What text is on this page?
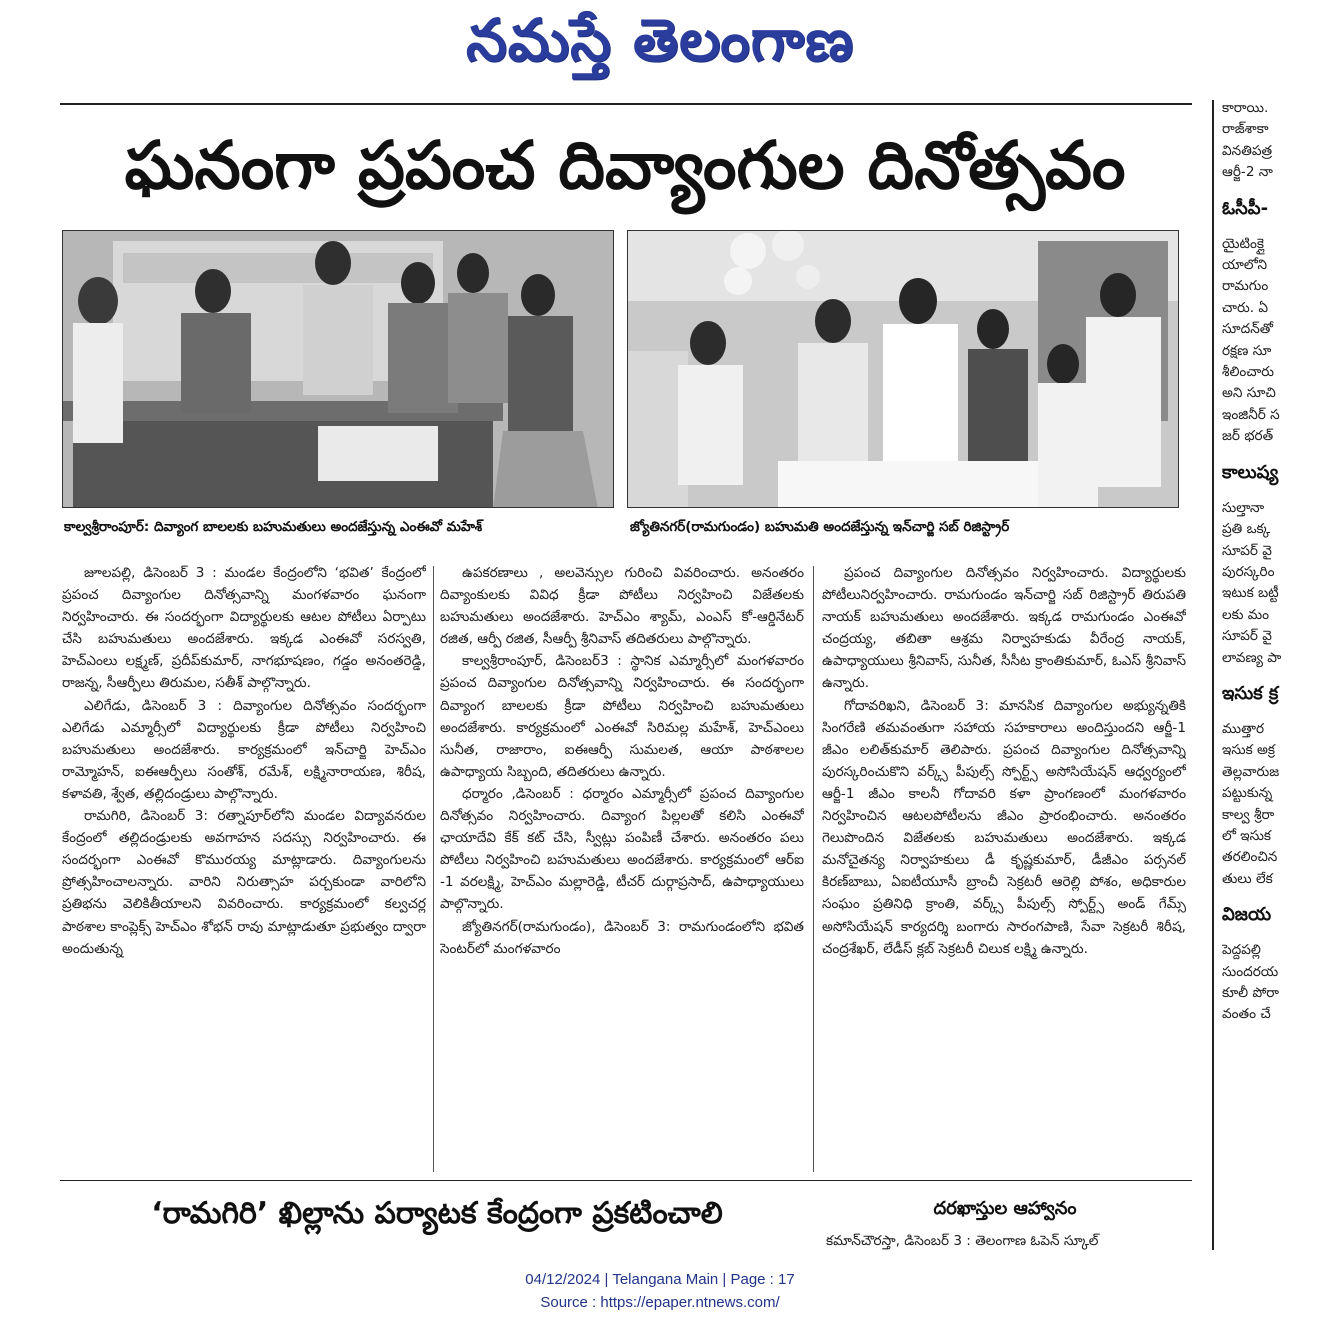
నమస్తే తెలంగాణ
ఘనంగా ప్రపంచ దివ్యాంగుల దినోత్సవం
కాల్వశ్రీరాంపూర్: దివ్యాంగ బాలలకు బహుమతులు అందజేస్తున్న ఎంఈవో మహేశ్	జ్యోతినగర్(రామగుండం) బహుమతి అందజేస్తున్న ఇన్‌చార్జి సబ్ రిజిస్ట్రార్

జూలపల్లి, డిసెంబర్ 3 : మండల కేంద్రంలోని ‘భవిత’ కేంద్రంలో ప్రపంచ దివ్యాంగుల దినోత్సవాన్ని మంగళవారం ఘనంగా నిర్వహించారు. ఈ సందర్భంగా విద్యార్థులకు ఆటల పోటీలు ఏర్పాటు చేసి బహుమతులు అందజేశారు. ఇక్కడ ఎంఈవో సరస్వతి, హెచ్‌ఎంలు లక్ష్మణ్, ప్రదీప్‌కుమార్, నాగభూషణం, గడ్డం అనంతరెడ్డి, రాజన్న, సీఆర్పీలు తిరుమల, సతీశ్ పాల్గొన్నారు.

ఎలిగేడు, డిసెంబర్ 3 : దివ్యాంగుల దినోత్సవం సందర్భంగా ఎలిగేడు ఎమ్మార్సీలో విద్యార్థులకు క్రీడా పోటీలు నిర్వహించి బహుమతులు అందజేశారు. కార్యక్రమంలో ఇన్‌చార్జి హెచ్‌ఎం రామ్మోహన్, ఐఈఆర్పీలు సంతోశ్, రమేశ్, లక్ష్మినారాయణ, శిరీష, కళావతి, శ్వేత, తల్లిదండ్రులు పాల్గొన్నారు.

రామగిరి, డిసెంబర్ 3: రత్నాపూర్‌లోని మండల విద్యావనరుల కేంద్రంలో తల్లిదండ్రులకు అవగాహన సదస్సు నిర్వహించారు. ఈ సందర్భంగా ఎంఈవో కొమురయ్య మాట్లాడారు. దివ్యాంగులను ప్రోత్సహించాలన్నారు. వారిని నిరుత్సాహ పర్చకుండా వారిలోని ప్రతిభను వెలికితీయాలని వివరించారు. కార్యక్రమంలో కల్వచర్ల పాఠశాల కాంప్లెక్స్ హెచ్‌ఎం శోభన్ రావు మాట్లాడుతూ ప్రభుత్వం ద్వారా అందుతున్న

ఉపకరణాలు , అలవెన్సుల గురించి వివరించారు. అనంతరం దివ్యాంకులకు వివిధ క్రీడా పోటీలు నిర్వహించి విజేతలకు బహుమతులు అందజేశారు. హెచ్‌ఎం శ్యామ్, ఎంఎస్ కో-ఆర్డినేటర్ రజిత, ఆర్పీ రజిత, సీఆర్పీ శ్రీనివాస్ తదితరులు పాల్గొన్నారు.

కాల్వశ్రీరాంపూర్, డిసెంబర్3 : స్థానిక ఎమ్మార్సీలో మంగళవారం ప్రపంచ దివ్యాంగుల దినోత్సవాన్ని నిర్వహించారు. ఈ సందర్భంగా దివ్యాంగ బాలలకు క్రీడా పోటీలు నిర్వహించి బహుమతులు అందజేశారు. కార్యక్రమంలో ఎంఈవో సిరిమల్ల మహేశ్, హెచ్‌ఎంలు సునీత, రాజారాం, ఐఈఆర్పీ సుమలత, ఆయా పాఠశాలల ఉపాధ్యాయ సిబ్బంది, తదితరులు ఉన్నారు.

ధర్మారం ,డిసెంబర్ : ధర్మారం ఎమ్మార్సీలో ప్రపంచ దివ్యాంగుల దినోత్సవం నిర్వహించారు. దివ్యాంగ పిల్లలతో కలిసి ఎంఈవో ఛాయాదేవి కేక్ కట్ చేసి, స్వీట్లు పంపిణీ చేశారు. అనంతరం పలు పోటీలు నిర్వహించి బహుమతులు అందజేశారు. కార్యక్రమంలో ఆర్ఐ -1 వరలక్ష్మి, హెచ్‌ఎం మల్లారెడ్డి, టీచర్ దుర్గాప్రసాద్, ఉపాధ్యాయులు పాల్గొన్నారు.

జ్యోతినగర్(రామగుండం), డిసెంబర్ 3: రామగుండంలోని భవిత సెంటర్‌లో మంగళవారం

ప్రపంచ దివ్యాంగుల దినోత్సవం నిర్వహించారు. విద్యార్థులకు పోటీలునిర్వహించారు. రామగుండం ఇన్‌చార్జి సబ్ రిజిస్ట్రార్ తిరుపతి నాయక్ బహుమతులు అందజేశారు. ఇక్కడ రామగుండం ఎంఈవో చంద్రయ్య, తబితా ఆశ్రమ నిర్వాహకుడు వీరేంద్ర నాయక్, ఉపాధ్యాయులు శ్రీనివాస్, సునీత, సీసీట క్రాంతికుమార్, ఓఎస్ శ్రీనివాస్ ఉన్నారు.

గోదావరిఖని, డిసెంబర్ 3: మానసిక దివ్యాంగుల అభ్యున్నతికి సింగరేణి తమవంతుగా సహాయ సహకారాలు అందిస్తుందని ఆర్జీ-1 జీఎం లలిత్‌కుమార్ తెలిపారు. ప్రపంచ దివ్యాంగుల దినోత్సవాన్ని పురస్కరించుకొని వర్క్స్ పీపుల్స్ స్పోర్ట్స్ అసోసియేషన్ ఆధ్వర్యంలో ఆర్జీ-1 జీఎం కాలనీ గోదావరి కళా ప్రాంగణంలో మంగళవారం నిర్వహించిన ఆటలపోటీలను జీఎం ప్రారంభించారు. అనంతరం గెలుపొందిన విజేతలకు బహుమతులు అందజేశారు. ఇక్కడ మనోచైతన్య నిర్వాహకులు డీ కృష్ణకుమార్, డీజీఎం పర్సనల్ కిరణ్‌బాబు, ఏఐటీయూసీ బ్రాంచీ సెక్రటరీ ఆరెల్లి పోశం, అధికారుల సంఘం ప్రతినిధి క్రాంతి, వర్క్స్ పీపుల్స్ స్పోర్ట్స్ అండ్ గేమ్స్ అసోసియేషన్ కార్యదర్శి బంగారు సారంగపాణి, సేవా సెక్రటరీ శిరీష, చంద్రశేఖర్, లేడీస్ క్లబ్ సెక్రటరీ చిలుక లక్ష్మి ఉన్నారు.

‘రామగిరి’ ఖిల్లాను పర్యాటక కేంద్రంగా ప్రకటించాలి	దరఖాస్తుల ఆహ్వానం
కమాన్‌చౌరస్తా, డిసెంబర్ 3 : తెలంగాణ ఓపెన్ స్కూల్
కారాయి.
రాజ్‌శాకా
వినతిపత్ర
ఆర్జీ-2 నా
ఓసీపీ-
యైటింక్లై
యాలోని
రామగుం
చారు. ఏ
సూదన్‌తో
రక్షణ సూ
శీలించారు
అని సూచి
ఇంజినీర్ స
జర్ భరత్
కాలుష్య
సుల్తానా
ప్రతి ఒక్క
సూపర్ వై
పురస్కరిం
ఇటుక బట్టీ
లకు మం
సూపర్ వై
లావణ్య పా
ఇసుక క్ర
ముత్తార
ఇసుక అక్ర
తెల్లవారుజ
పట్టుకున్న
కాల్వ శ్రీరా
లో ఇసుక
తరలించిన
తులు లేక
విజయ
పెద్దపల్లి
సుందరయ
కూలీ పోరా
వంతం చే
04/12/2024 | Telangana Main | Page : 17
Source : https://epaper.ntnews.com/
